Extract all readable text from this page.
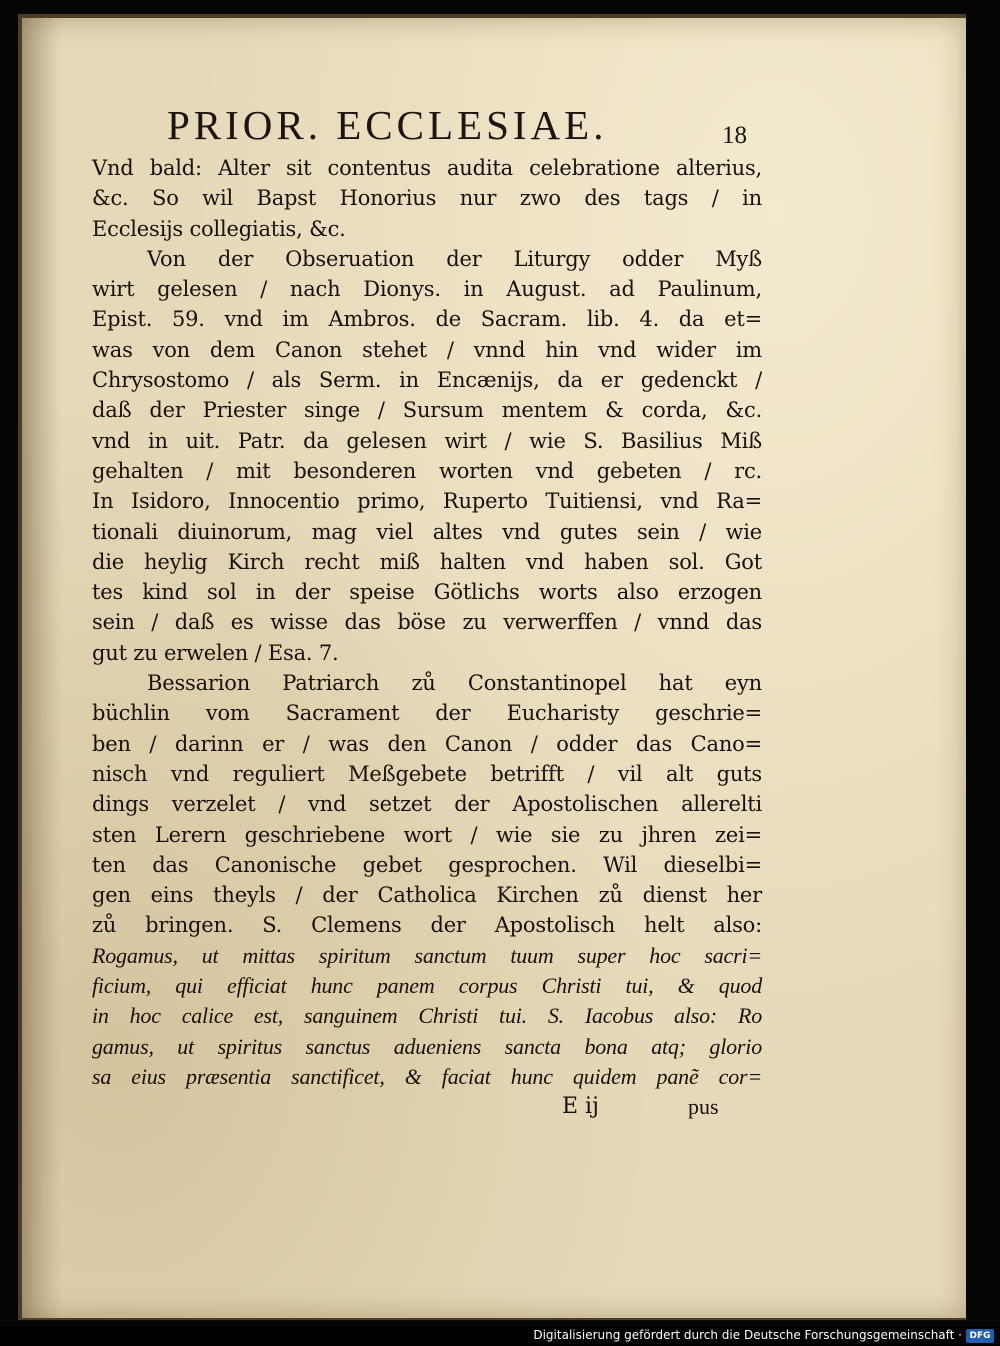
PRIOR. ECCLESIAE.	18
Vnd bald: Alter sit contentus audita celebratione alterius,
&c. So wil Bapst Honorius nur zwo des tags / in
Ecclesijs collegiatis, &c.
Von der Obseruation der Liturgy odder Myß
wirt gelesen / nach Dionys. in August. ad Paulinum,
Epist. 59. vnd im Ambros. de Sacram. lib. 4. da et=
was von dem Canon stehet / vnnd hin vnd wider im
Chrysostomo / als Serm. in Encænijs, da er gedenckt /
daß der Priester singe / Sursum mentem & corda, &c.
vnd in uit. Patr. da gelesen wirt / wie S. Basilius Miß
gehalten / mit besonderen worten vnd gebeten / rc.
In Isidoro, Innocentio primo, Ruperto Tuitiensi, vnd Ra=
tionali diuinorum, mag viel altes vnd gutes sein / wie
die heylig Kirch recht miß halten vnd haben sol. Got
tes kind sol in der speise Götlichs worts also erzogen
sein / daß es wisse das böse zu verwerffen / vnnd das
gut zu erwelen / Esa. 7.
Bessarion Patriarch zů Constantinopel hat eyn
büchlin vom Sacrament der Eucharisty geschrie=
ben / darinn er / was den Canon / odder das Cano=
nisch vnd reguliert Meßgebete betrifft / vil alt guts
dings verzelet / vnd setzet der Apostolischen allerelti
sten Lerern geschriebene wort / wie sie zu jhren zei=
ten das Canonische gebet gesprochen. Wil dieselbi=
gen eins theyls / der Catholica Kirchen zů dienst her
zů bringen. S. Clemens der Apostolisch helt also:
Rogamus, ut mittas spiritum sanctum tuum super hoc sacri=
ficium, qui efficiat hunc panem corpus Christi tui, & quod
in hoc calice est, sanguinem Christi tui. S. Iacobus also: Ro
gamus, ut spiritus sanctus adueniens sancta bona atq; glorio
sa eius præsentia sanctificet, & faciat hunc quidem panẽ cor=
E ij	pus
Digitalisierung gefördert durch die Deutsche Forschungsgemeinschaft · DFG
